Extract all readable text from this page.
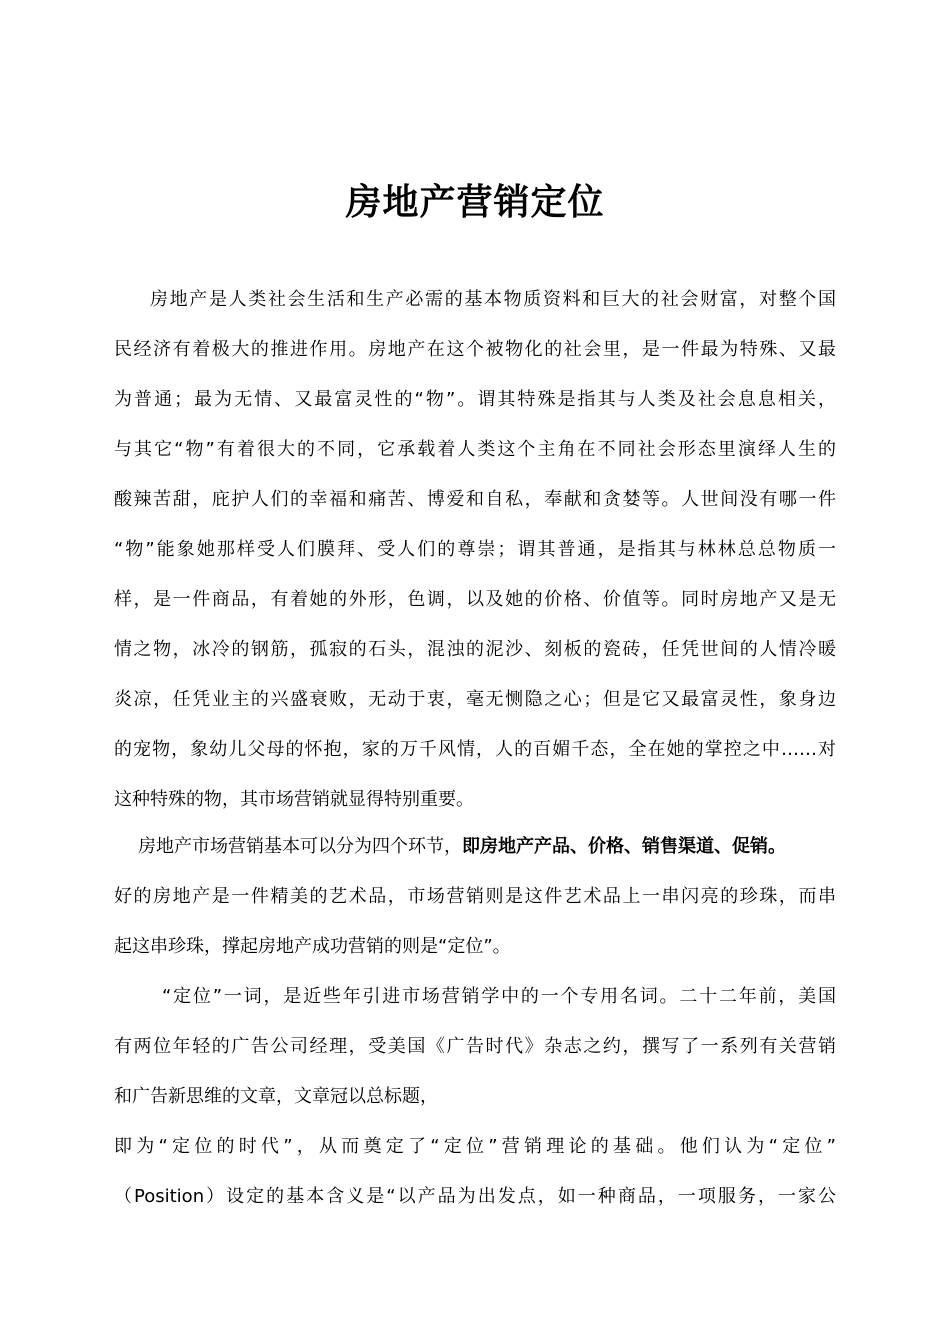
房地产营销定位
房地产是人类社会生活和生产必需的基本物质资料和巨大的社会财富，对整个国
民经济有着极大的推进作用。房地产在这个被物化的社会里，是一件最为特殊、又最
为普通；最为无情、又最富灵性的“物”。谓其特殊是指其与人类及社会息息相关，
与其它“物”有着很大的不同，它承载着人类这个主角在不同社会形态里演绎人生的
酸辣苦甜，庇护人们的幸福和痛苦、博爱和自私，奉献和贪婪等。人世间没有哪一件
“物”能象她那样受人们膜拜、受人们的尊崇；谓其普通，是指其与林林总总物质一
样，是一件商品，有着她的外形，色调，以及她的价格、价值等。同时房地产又是无
情之物，冰冷的钢筋，孤寂的石头，混浊的泥沙、刻板的瓷砖，任凭世间的人情冷暖
炎凉，任凭业主的兴盛衰败，无动于衷，毫无恻隐之心；但是它又最富灵性，象身边
的宠物，象幼儿父母的怀抱，家的万千风情，人的百媚千态，全在她的掌控之中……对
这种特殊的物，其市场营销就显得特别重要。
房地产市场营销基本可以分为四个环节，即房地产产品、价格、销售渠道、促销。
好的房地产是一件精美的艺术品，市场营销则是这件艺术品上一串闪亮的珍珠，而串
起这串珍珠，撑起房地产成功营销的则是“定位”。
“定位”一词，是近些年引进市场营销学中的一个专用名词。二十二年前，美国
有两位年轻的广告公司经理，受美国《广告时代》杂志之约，撰写了一系列有关营销
和广告新思维的文章，文章冠以总标题，
即为“定位的时代”，从而奠定了“定位”营销理论的基础。他们认为“定位”
（Position）设定的基本含义是“以产品为出发点，如一种商品，一项服务，一家公
